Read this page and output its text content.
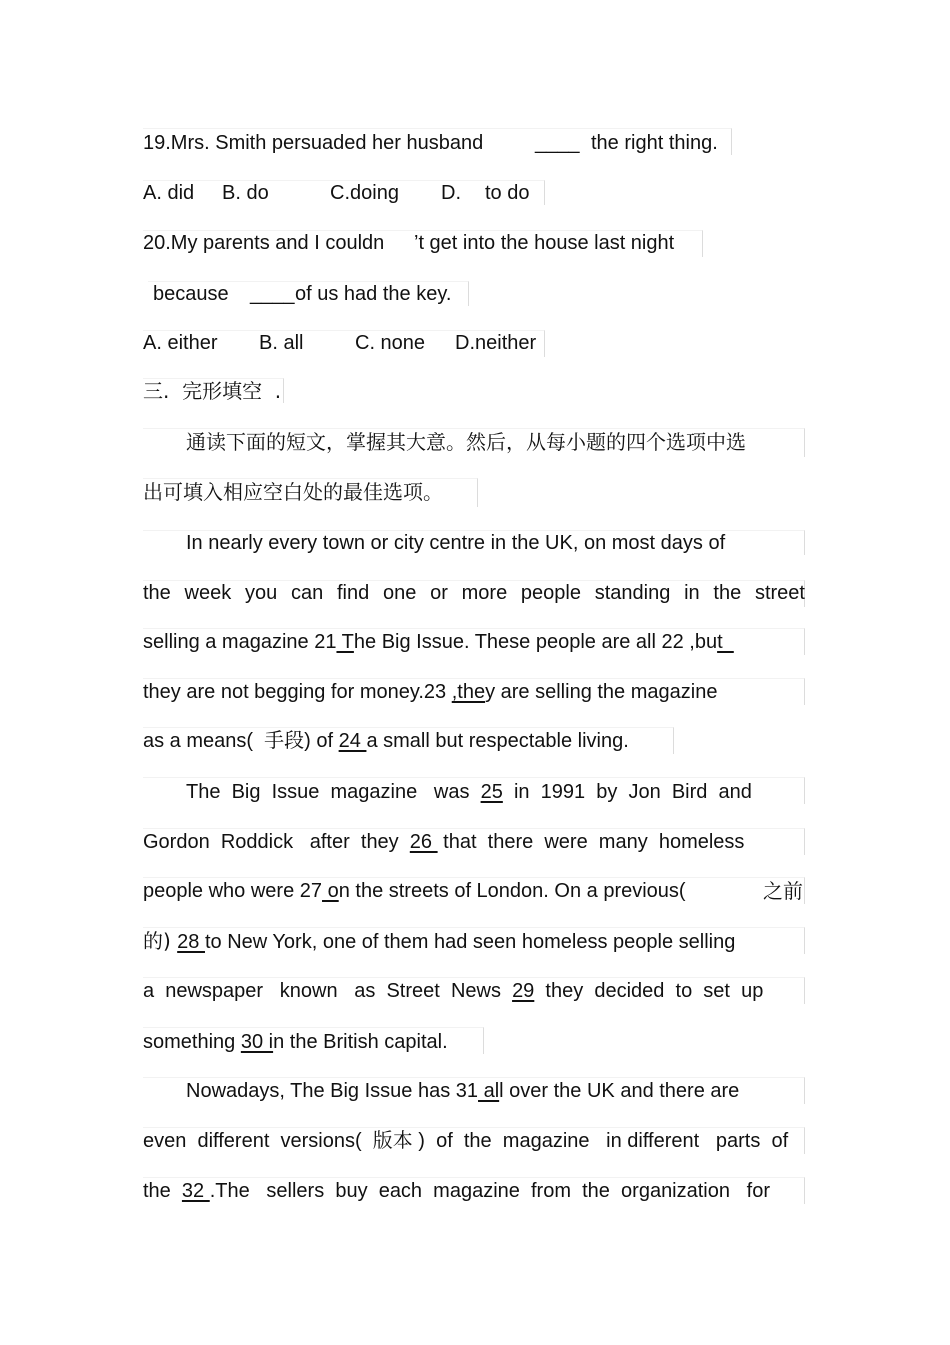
19.Mrs. Smith persuaded her husband	____ the right thing.
A. did B. do	C.doing D. to do
20.My parents and I couldn ’t get into the house last night
because ____ of us had the key.
A. either B. all	C. none D.neither
三.  完形填空  .
通读下面的短文，掌握其大意。然后，从每小题的四个选项中选
出可填入相应空白处的最佳选项。
In nearly every town or city centre in the UK, on most days of
the week you can find one or more people standing in the street
selling a magazine 21 The Big Issue. These people are all 22 ,but
they are not begging for money.23 ,they are selling the magazine
as a means(  手段) of 24 a small but respectable living.
The  Big  Issue  magazine   was  25  in  1991  by  Jon  Bird  and
Gordon  Roddick   after  they  26  that  there  were  many  homeless
people who were 27 on the streets of London. On a previous(	之前
的) 28 to New York, one of them had seen homeless people selling
a  newspaper   known   as  Street  News  29  they  decided  to  set  up
something 30 in the British capital.
Nowadays, The Big Issue has 31 all over the UK and there are
even  different  versions(  版本 )  of  the  magazine   in different   parts  of
the  32 .The   sellers  buy  each  magazine  from  the  organization   for
